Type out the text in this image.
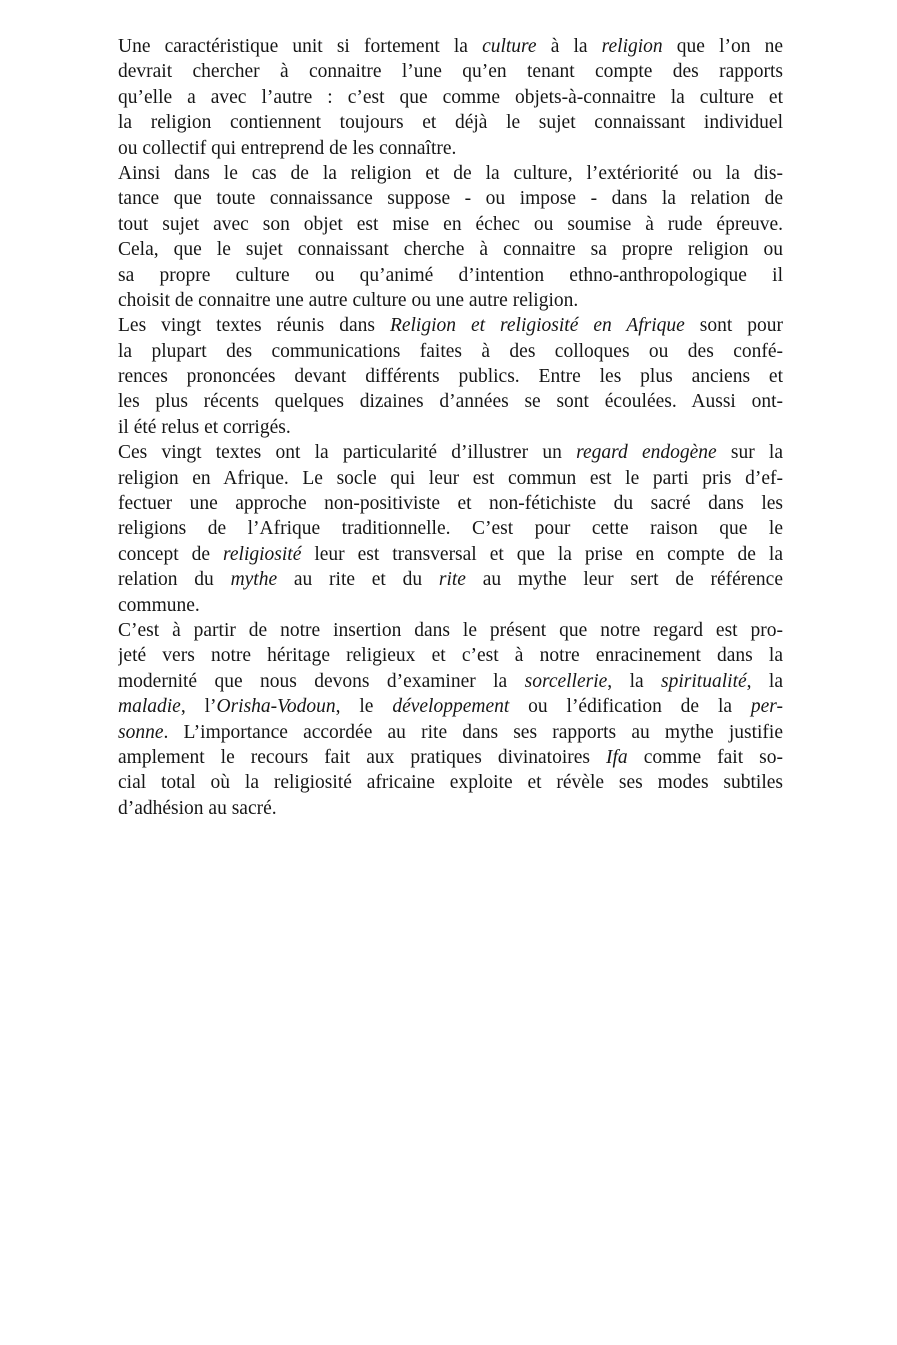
Une caractéristique unit si fortement la culture à la religion que l’on ne
devrait chercher à connaitre l’une qu’en tenant compte des rapports
qu’elle a avec l’autre : c’est que comme objets-à-connaitre la culture et
la religion contiennent toujours et déjà le sujet connaissant individuel
ou collectif qui entreprend de les connaître.
Ainsi dans le cas de la religion et de la culture, l’extériorité ou la dis-
tance que toute connaissance suppose - ou impose - dans la relation de
tout sujet avec son objet est mise en échec ou soumise à rude épreuve.
Cela, que le sujet connaissant cherche à connaitre sa propre religion ou
sa propre culture ou qu’animé d’intention ethno-anthropologique il
choisit de connaitre une autre culture ou une autre religion.
Les vingt textes réunis dans Religion et religiosité en Afrique sont pour
la plupart des communications faites à des colloques ou des confé-
rences prononcées devant différents publics. Entre les plus anciens et
les plus récents quelques dizaines d’années se sont écoulées. Aussi ont-
il été relus et corrigés.
Ces vingt textes ont la particularité d’illustrer un regard endogène sur la
religion en Afrique. Le socle qui leur est commun est le parti pris d’ef-
fectuer une approche non-positiviste et non-fétichiste du sacré dans les
religions de l’Afrique traditionnelle. C’est pour cette raison que le
concept de religiosité leur est transversal et que la prise en compte de la
relation du mythe au rite et du rite au mythe leur sert de référence
commune.
C’est à partir de notre insertion dans le présent que notre regard est pro-
jeté vers notre héritage religieux et c’est à notre enracinement dans la
modernité que nous devons d’examiner la sorcellerie, la spiritualité, la
maladie, l’Orisha-Vodoun, le développement ou l’édification de la per-
sonne. L’importance accordée au rite dans ses rapports au mythe justifie
amplement le recours fait aux pratiques divinatoires Ifa comme fait so-
cial total où la religiosité africaine exploite et révèle ses modes subtiles
d’adhésion au sacré.
